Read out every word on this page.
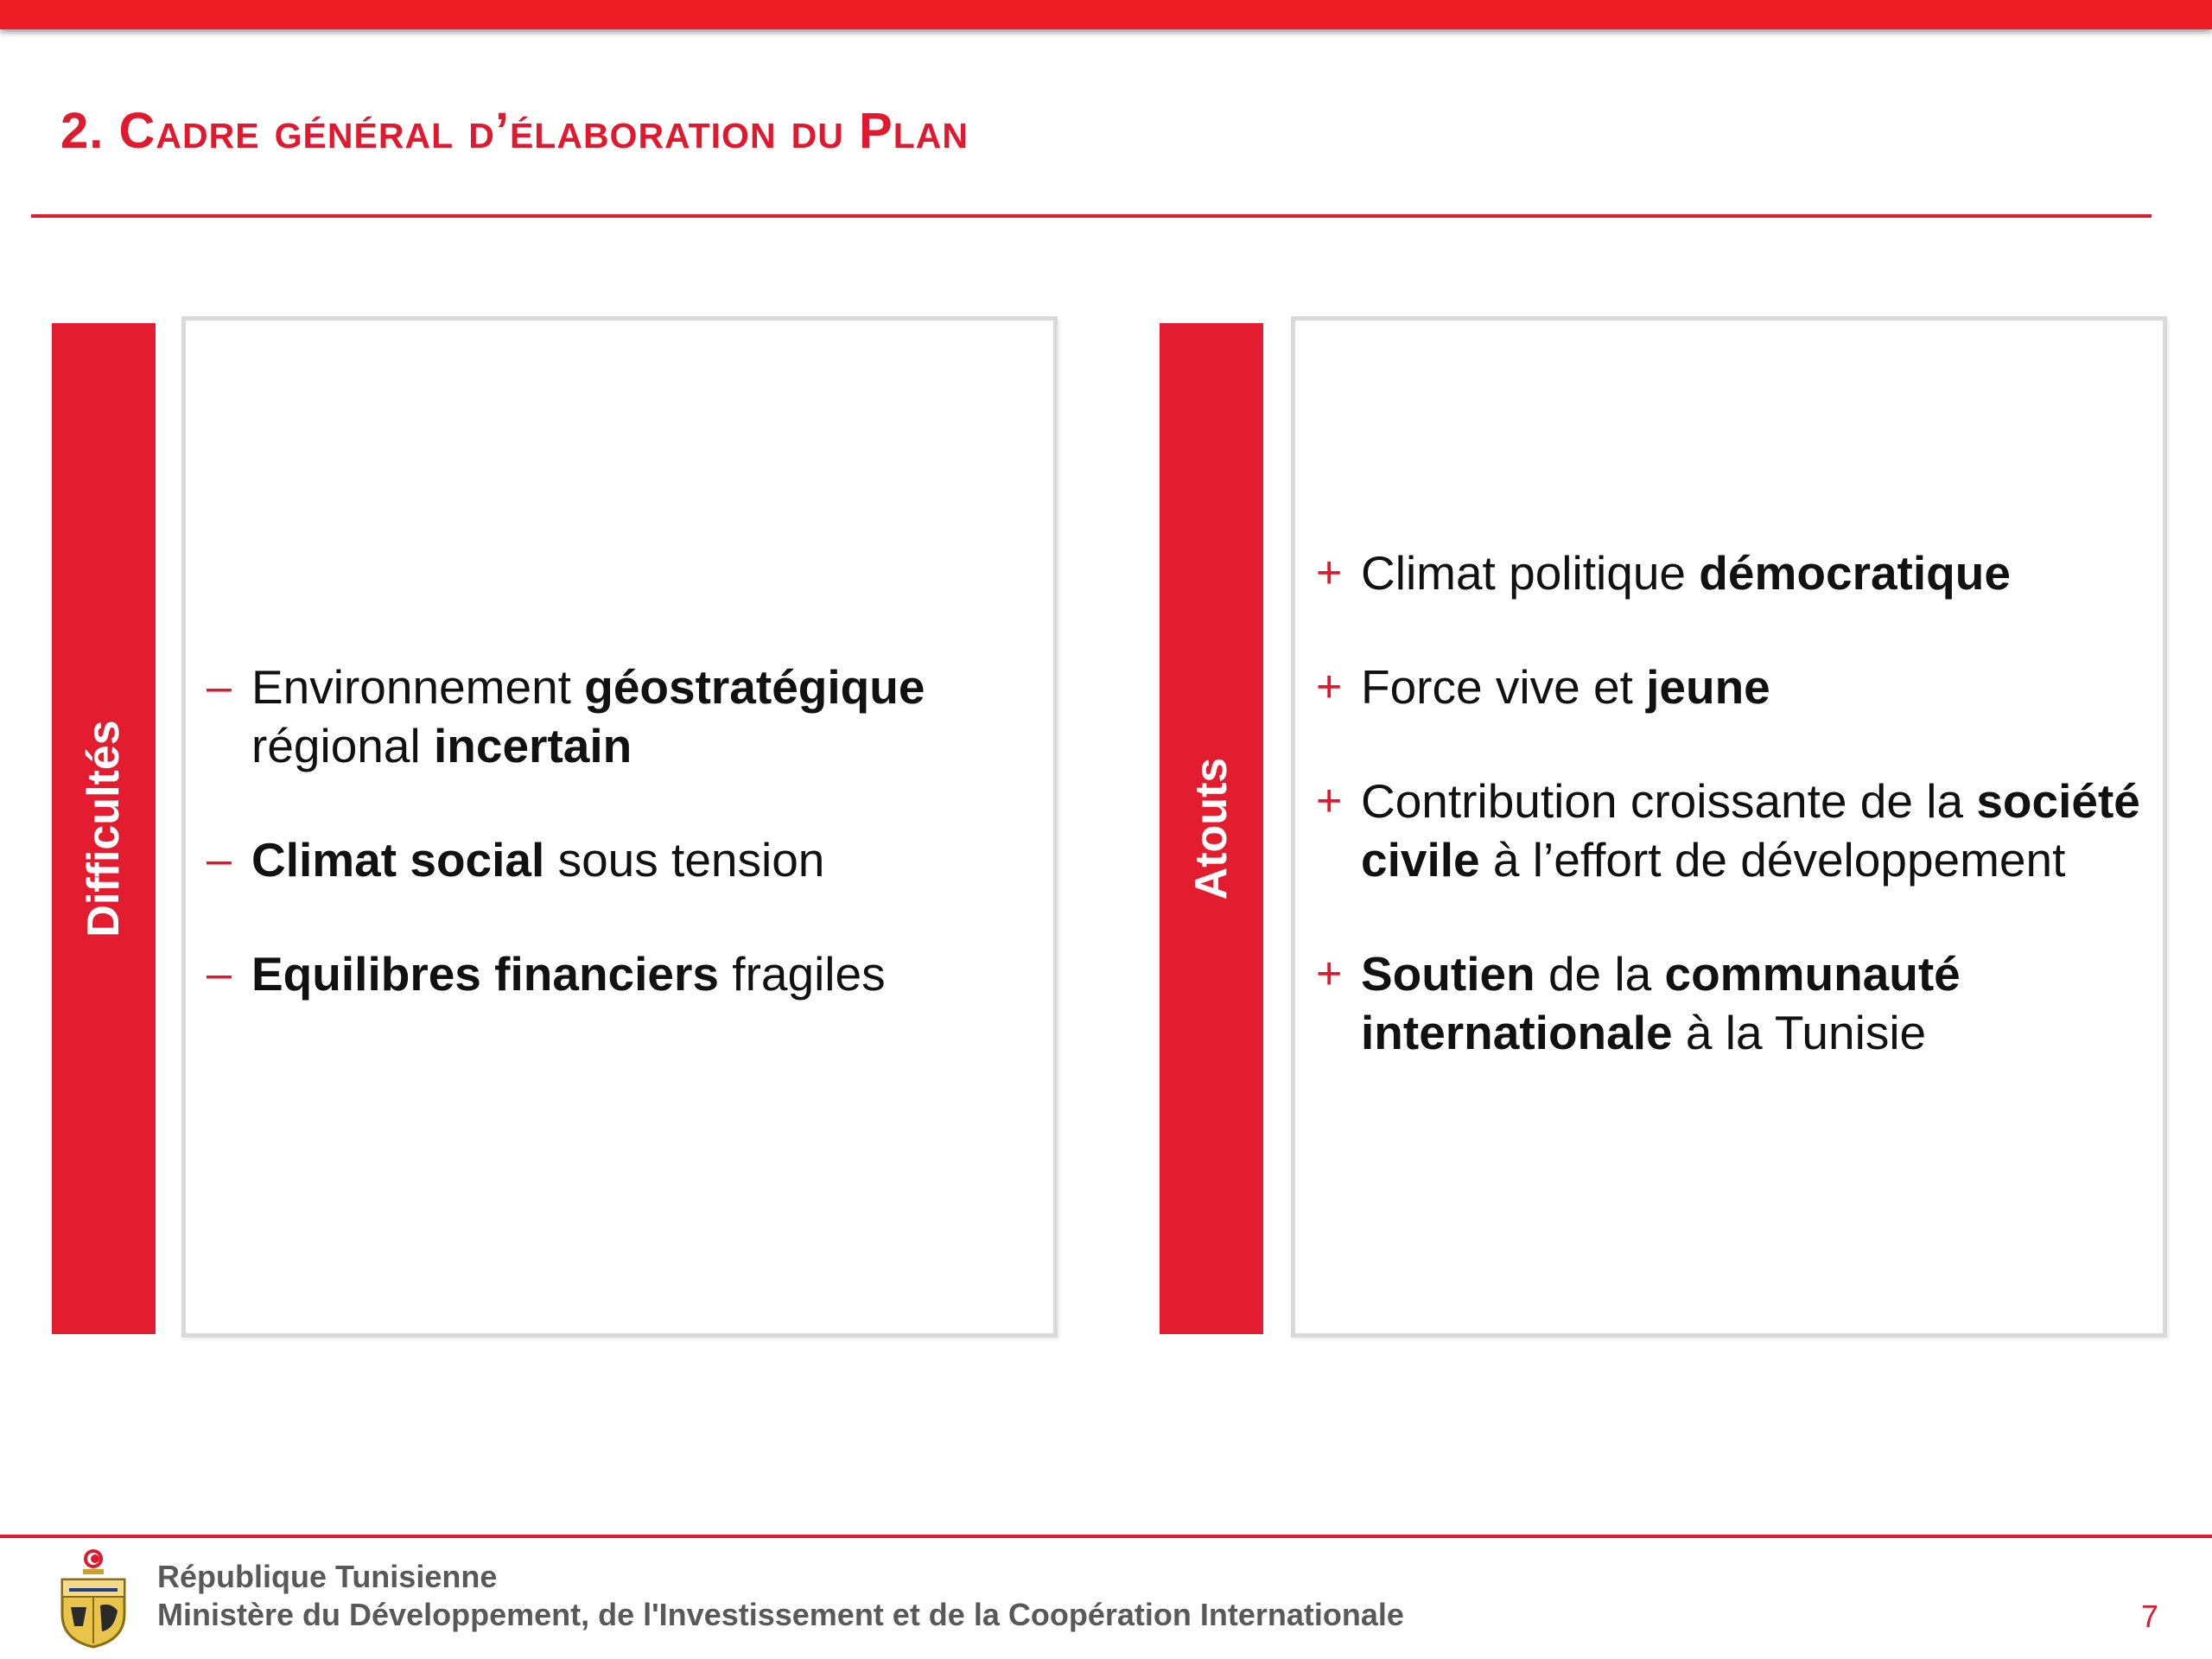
2. Cadre général d’élaboration du Plan
Difficultés
– Environnement géostratégique régional incertain
– Climat social sous tension
– Equilibres financiers fragiles
Atouts
+ Climat politique démocratique
+ Force vive et jeune
+ Contribution croissante de la société civile à l’effort de développement
+ Soutien de la communauté internationale à la Tunisie
République Tunisienne
Ministère du Développement, de l'Investissement et de la Coopération Internationale	7
